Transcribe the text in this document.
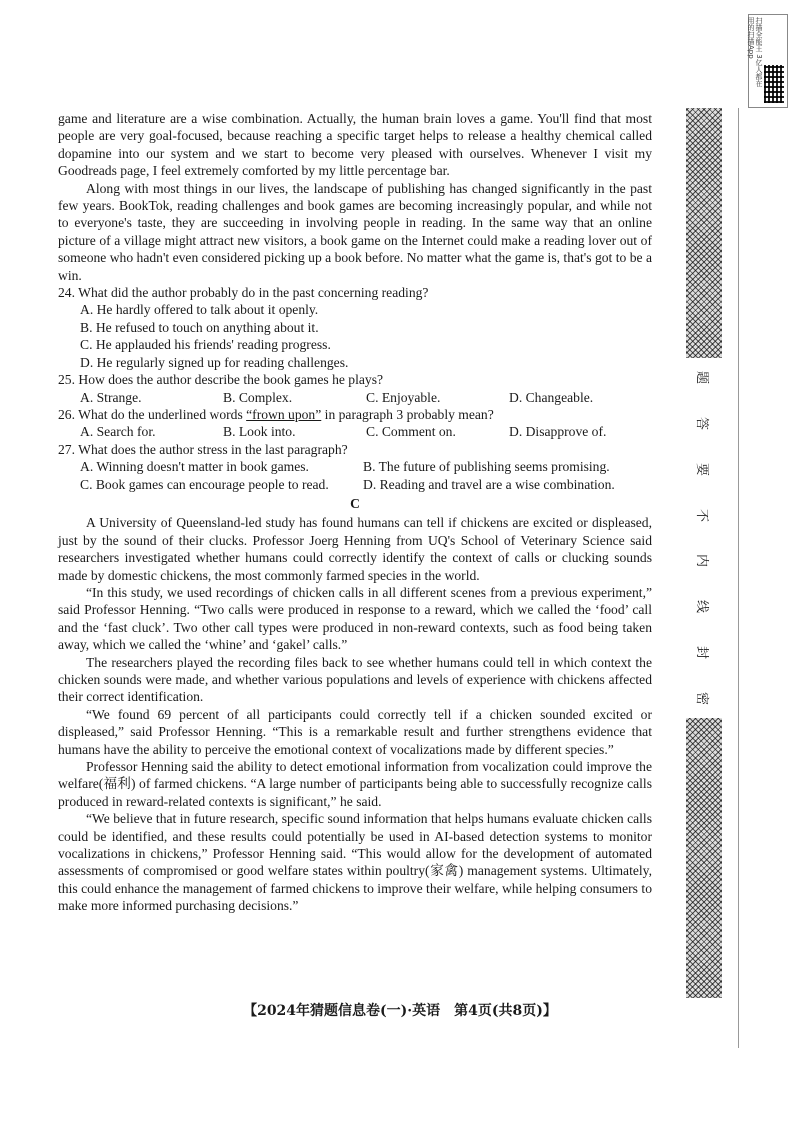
扫描全能王 3亿人都在用的扫描App

game and literature are a wise combination. Actually, the human brain loves a game. You'll find that most people are very goal-focused, because reaching a specific target helps to release a healthy chemical called dopamine into our system and we start to become very pleased with ourselves. Whenever I visit my Goodreads page, I feel extremely comforted by my little percentage bar.

Along with most things in our lives, the landscape of publishing has changed significantly in the past few years. BookTok, reading challenges and book games are becoming increasingly popular, and while not to everyone's taste, they are succeeding in involving people in reading. In the same way that an online picture of a village might attract new visitors, a book game on the Internet could make a reading lover out of someone who hadn't even considered picking up a book before. No matter what the game is, that's got to be a win.

24. What did the author probably do in the past concerning reading?

A. He hardly offered to talk about it openly.

B. He refused to touch on anything about it.

C. He applauded his friends' reading progress.

D. He regularly signed up for reading challenges.

25. How does the author describe the book games he plays?

A. Strange.	B. Complex.	C. Enjoyable.	D. Changeable.

26. What do the underlined words “frown upon” in paragraph 3 probably mean?

A. Search for.	B. Look into.	C. Comment on.	D. Disapprove of.

27. What does the author stress in the last paragraph?

A. Winning doesn't matter in book games.	B. The future of publishing seems promising.
C. Book games can encourage people to read.	D. Reading and travel are a wise combination.
C

A University of Queensland-led study has found humans can tell if chickens are excited or displeased, just by the sound of their clucks. Professor Joerg Henning from UQ's School of Veterinary Science said researchers investigated whether humans could correctly identify the context of calls or clucking sounds made by domestic chickens, the most commonly farmed species in the world.

“In this study, we used recordings of chicken calls in all different scenes from a previous experiment,” said Professor Henning. “Two calls were produced in response to a reward, which we called the ‘food’ call and the ‘fast cluck’. Two other call types were produced in non-reward contexts, such as food being taken away, which we called the ‘whine’ and ‘gakel’ calls.”

The researchers played the recording files back to see whether humans could tell in which context the chicken sounds were made, and whether various populations and levels of experience with chickens affected their correct identification.

“We found 69 percent of all participants could correctly tell if a chicken sounded excited or displeased,” said Professor Henning. “This is a remarkable result and further strengthens evidence that humans have the ability to perceive the emotional context of vocalizations made by different species.”

Professor Henning said the ability to detect emotional information from vocalization could improve the welfare(福利) of farmed chickens. “A large number of participants being able to successfully recognize calls produced in reward-related contexts is significant,” he said.

“We believe that in future research, specific sound information that helps humans evaluate chicken calls could be identified, and these results could potentially be used in AI-based detection systems to monitor vocalizations in chickens,” Professor Henning said. “This would allow for the development of automated assessments of compromised or good welfare states within poultry(家禽) management systems. Ultimately, this could enhance the management of farmed chickens to improve their welfare, while helping consumers to make more informed purchasing decisions.”

【2024年猜题信息卷(一)·英语　第4页(共8页)】
题
答
要
不
内
线
封
密
